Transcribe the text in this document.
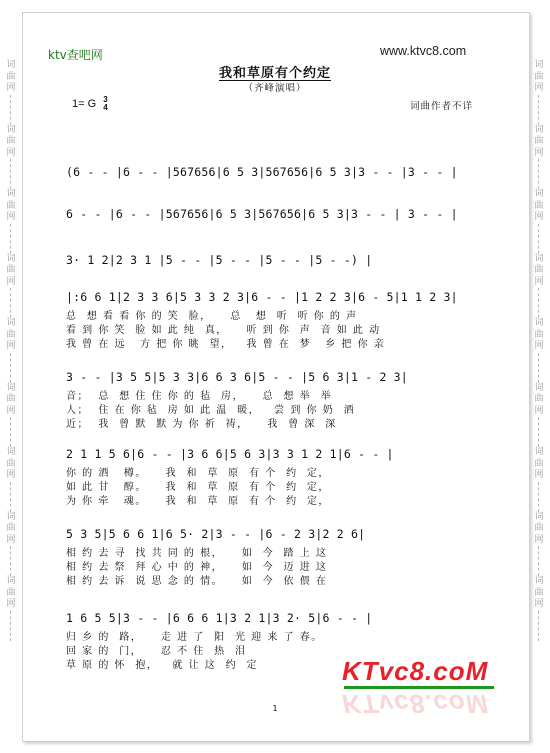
词
曲
网
词
曲
网
词
曲
网
词
曲
网
词
曲
网
词
曲
网
词
曲
网
词
曲
网
词
曲
网
词
曲
网
词
曲
网
词
曲
网
词
曲
网
词
曲
网
词
曲
网
词
曲
网
词
曲
网
词
曲
网
ktv查吧网	www.ktvc8.com
我和草原有个约定
（齐峰演唱）
1= G 3
4	词曲作者不详
(6 - - |6 - - |567656|6 5 3|567656|6 5 3|3 - - |3 - - |
6 - - |6 - - |567656|6 5 3|567656|6 5 3|3 - - | 3 - - |
3· 1 2|2 3 1 |5 - - |5 - - |5 - - |5 - -) |
|:6 6 1|2 3 3 6|5 3 3 2 3|6 - - |1 2 2 3|6 - 5|1 1 2 3|
总  想 看 看 你 的 笑  脸，    总   想  听  听 你 的 声
看 到 你 笑  脸 如 此 纯  真，    听 到 你  声  音 如 此 动
我 曾 在 远   方 把 你 眺  望，   我 曾 在  梦   乡 把 你 亲
3 - - |3 5 5|5 3 3|6 6 3 6|5 - - |5 6 3|1 - 2 3|
音；  总  想 住 住 你 的 毡  房，    总  想 举  举
人；  住 在 你 毡  房 如 此 温  暖，   尝 到 你 奶  酒
近；  我  曾 默  默 为 你 祈  祷，    我  曾 深  深
2 1 1 5 6|6 - - |3 6 6|5 6 3|3 3 1 2 1|6 - - |
你 的 酒   樽。    我  和  草  原  有 个  约  定，
如 此 甘   醇。    我  和  草  原  有 个  约  定，
为 你 牵   魂。    我  和  草  原  有 个  约  定，
5 3 5|5 6 6 1|6 5· 2|3 - - |6 - 2 3|2 2 6|
相 约 去 寻  找 共 同 的 根，    如  今  踏 上 这
相 约 去 祭  拜 心 中 的 神，    如  今  迈 进 这
相 约 去 诉  说 思 念 的 情。    如  今  依 偎 在
1 6 5 5|3 - - |6 6 6 1|3 2 1|3 2· 5|6 - - |
归 乡 的  路，    走 进 了  阳  光 迎 来 了 春。
回 家 的  门，    忍 不 住  热  泪
草 原 的 怀  抱，   就 让 这  约  定
1
KTvc8.coM
KTvc8.coM
